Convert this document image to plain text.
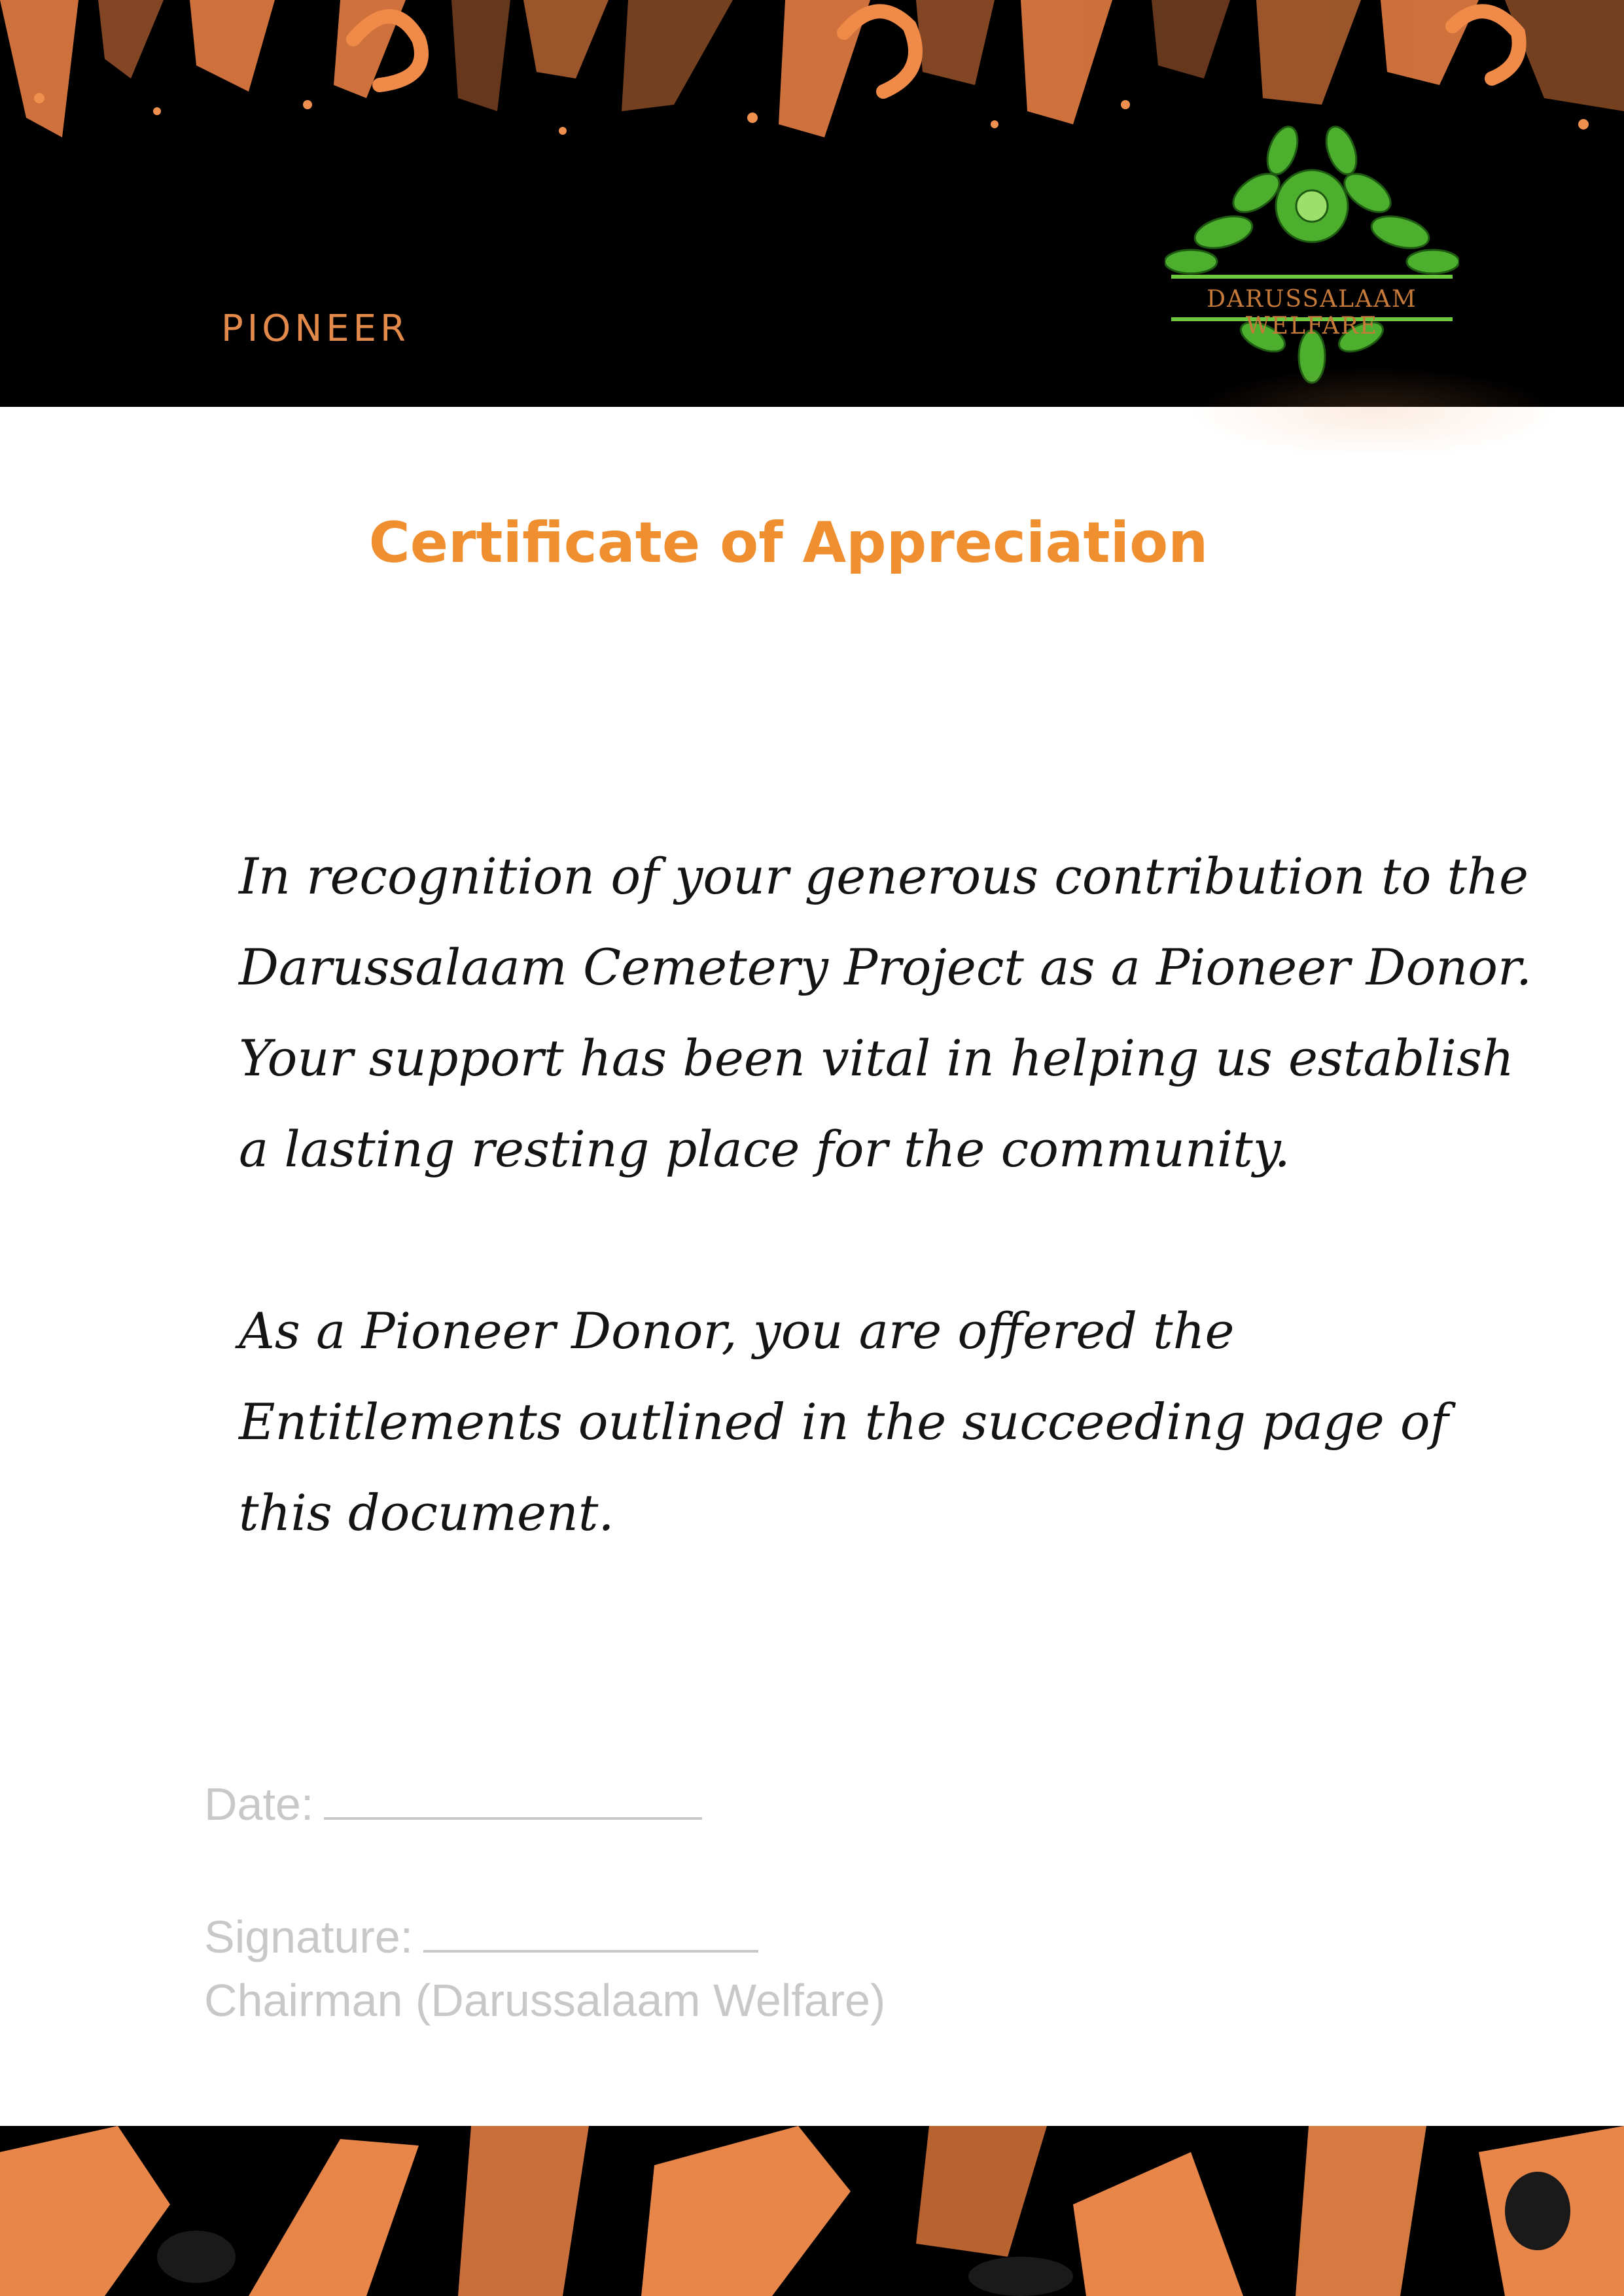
PIONEER
DARUSSALAAM WELFARE
Certificate of Appreciation

In recognition of your generous contribution to the Darussalaam Cemetery Project as a Pioneer Donor. Your support has been vital in helping us establish a lasting resting place for the community.

As a Pioneer Donor, you are offered the Entitlements outlined in the succeeding page of this document.

Date:
Signature:
Chairman (Darussalaam Welfare)
